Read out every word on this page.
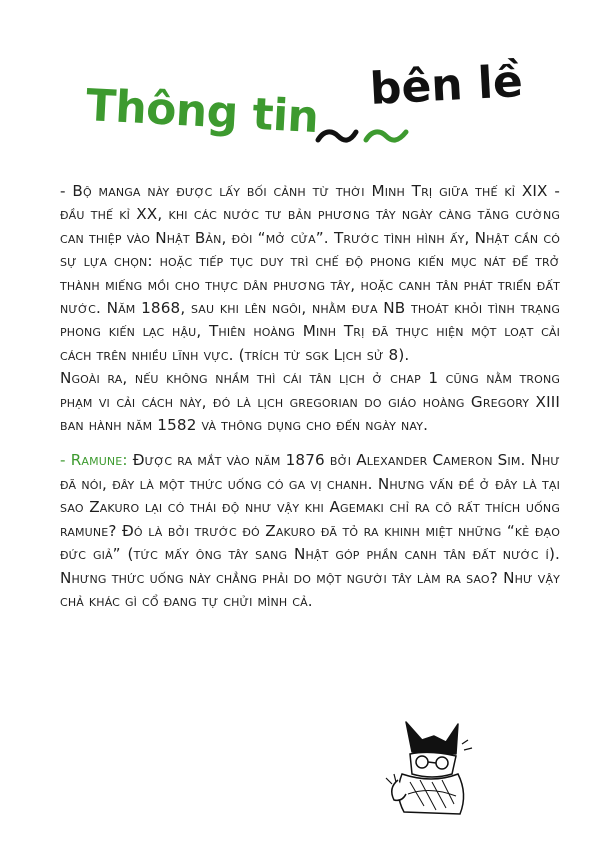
Thông tin bên lề

- Bộ manga này được lấy bối cảnh từ thời Minh Trị giữa thế kỉ XIX - đầu thế kỉ XX, khi các nước tư bản phương tây ngày càng tăng cường can thiệp vào Nhật Bản, đòi “mở cửa”. Trước tình hình ấy, Nhật cần có sự lựa chọn: hoặc tiếp tục duy trì chế độ phong kiến mục nát để trở thành miếng mồi cho thực dân phương tây, hoặc canh tân phát triển đất nước. Năm 1868, sau khi lên ngôi, nhằm đưa NB thoát khỏi tình trạng phong kiến lạc hậu, Thiên hoàng Minh Trị đã thực hiện một loạt cải cách trên nhiều lĩnh vực. (trích từ sgk Lịch sử 8).

Ngoài ra, nếu không nhầm thì cái tân lịch ở chap 1 cũng nằm trong phạm vi cải cách này, đó là lịch gregorian do giáo hoàng Gregory XIII ban hành năm 1582 và thông dụng cho đến ngày nay.

- Ramune: Được ra mắt vào năm 1876 bởi Alexander Cameron Sim. Như đã nói, đây là một thức uống có ga vị chanh. Nhưng vấn đề ở đây là tại sao Zakuro lại có thái độ như vậy khi Agemaki chỉ ra cô rất thích uống ramune? Đó là bởi trước đó Zakuro đã tỏ ra khinh miệt những “kẻ đạo đức giả” (tức mấy ông tây sang Nhật góp phần canh tân đất nước í). Nhưng thức uống này chẳng phải do một người tây làm ra sao? Như vậy chả khác gì cổ đang tự chửi mình cả.
